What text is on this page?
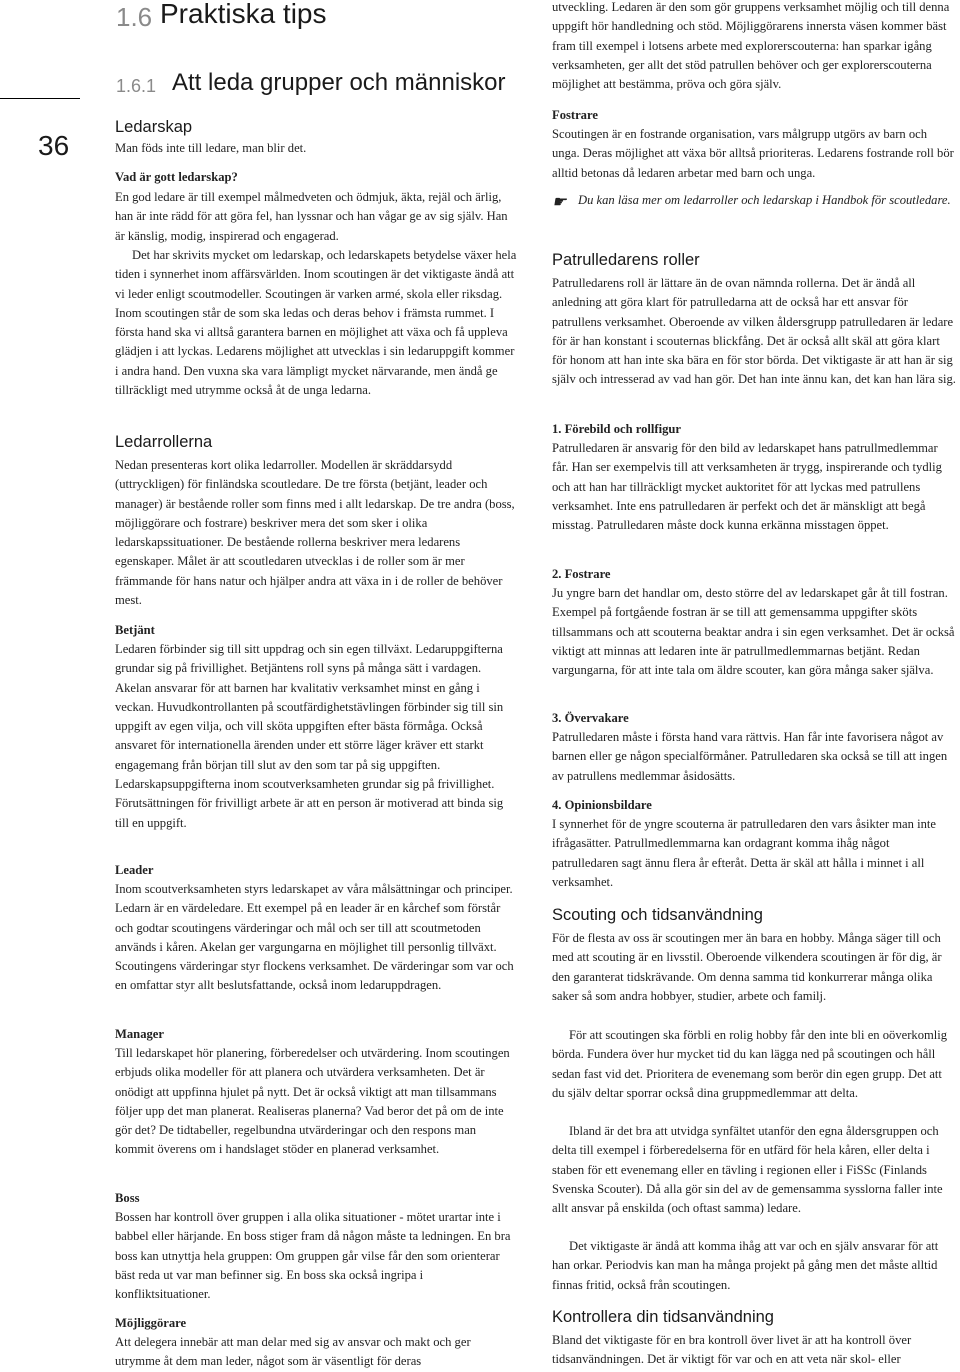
1.6 Praktiska tips
1.6.1 Att leda grupper och människor
36
Ledarskap

Man föds inte till ledare, man blir det.

Vad är gott ledarskap?

En god ledare är till exempel målmedveten och ödmjuk, äkta, rejäl och ärlig, han är inte rädd för att göra fel, han lyssnar och han vågar ge av sig själv. Han är känslig, modig, inspirerad och engagerad.

Det har skrivits mycket om ledarskap, och ledarskapets betydelse växer hela tiden i synnerhet inom affärsvärlden. Inom scoutingen är det viktigaste ändå att vi leder enligt scoutmodeller. Scoutingen är varken armé, skola eller riksdag. Inom scoutingen står de som ska ledas och deras behov i främsta rummet. I första hand ska vi alltså garantera barnen en möjlighet att växa och få uppleva glädjen i att lyckas. Ledarens möjlighet att utvecklas i sin ledaruppgift kommer i andra hand. Den vuxna ska vara lämpligt mycket närvarande, men ändå ge tillräckligt med utrymme också åt de unga ledarna.

Ledarrollerna

Nedan presenteras kort olika ledarroller. Modellen är skräddarsydd (uttryckligen) för finländska scoutledare. De tre första (betjänt, leader och manager) är bestående roller som finns med i allt ledarskap. De tre andra (boss, möjliggörare och fostrare) beskriver mera det som sker i olika ledarskapssituationer. De bestående rollerna beskriver mera ledarens egenskaper. Målet är att scoutledaren utvecklas i de roller som är mer främmande för hans natur och hjälper andra att växa in i de roller de behöver mest.

Betjänt

Ledaren förbinder sig till sitt uppdrag och sin egen tillväxt. Ledaruppgifterna grundar sig på frivillighet. Betjäntens roll syns på många sätt i vardagen. Akelan ansvarar för att barnen har kvalitativ verksamhet minst en gång i veckan. Huvudkontrollanten på scoutfärdighetstävlingen förbinder sig till sin uppgift av egen vilja, och vill sköta uppgiften efter bästa förmåga. Också ansvaret för internationella ärenden under ett större läger kräver ett starkt engagemang från början till slut av den som tar på sig uppgiften. Ledarskapsuppgifterna inom scoutverksamheten grundar sig på frivillighet. Förutsättningen för frivilligt arbete är att en person är motiverad att binda sig till en uppgift.

Leader

Inom scoutverksamheten styrs ledarskapet av våra målsättningar och principer. Ledarn är en värdeledare. Ett exempel på en leader är en kårchef som förstår och godtar scoutingens värderingar och mål och ser till att scoutmetoden används i kåren. Akelan ger vargungarna en möjlighet till personlig tillväxt. Scoutingens värderingar styr flockens verksamhet. De värderingar som var och en omfattar styr allt beslutsfattande, också inom ledaruppdragen.

Manager

Till ledarskapet hör planering, förberedelser och utvärdering. Inom scoutingen erbjuds olika modeller för att planera och utvärdera verksamheten. Det är onödigt att uppfinna hjulet på nytt. Det är också viktigt att man tillsammans följer upp det man planerat. Realiseras planerna? Vad beror det på om de inte gör det? De tidtabeller, regelbundna utvärderingar och den respons man kommit överens om i handslaget stöder en planerad verksamhet.

Boss

Bossen har kontroll över gruppen i alla olika situationer - mötet urartar inte i babbel eller härjande. En boss stiger fram då någon måste ta ledningen. En bra boss kan utnyttja hela gruppen: Om gruppen går vilse får den som orienterar bäst reda ut var man befinner sig. En boss ska också ingripa i konfliktsituationer.

Möjliggörare

Att delegera innebär att man delar med sig av ansvar och makt och ger utrymme åt dem man leder, något som är väsentligt för deras

utveckling. Ledaren är den som gör gruppens verksamhet möjlig och till denna uppgift hör handledning och stöd. Möjliggörarens innersta väsen kommer bäst fram till exempel i lotsens arbete med explorerscouterna: han sparkar igång verksamheten, ger allt det stöd patrullen behöver och ger explorerscouterna möjlighet att bestämma, pröva och göra själv.

Fostrare

Scoutingen är en fostrande organisation, vars målgrupp utgörs av barn och unga. Deras möjlighet att växa bör alltså prioriteras. Ledarens fostrande roll bör alltid betonas då ledaren arbetar med barn och unga.

☛ Du kan läsa mer om ledarroller och ledarskap i Handbok för scoutledare.
Patrulledarens roller

Patrulledarens roll är lättare än de ovan nämnda rollerna. Det är ändå all anledning att göra klart för patrulledarna att de också har ett ansvar för patrullens verksamhet. Oberoende av vilken åldersgrupp patrulledaren är ledare för är han konstant i scouternas blickfång. Det är också allt skäl att göra klart för honom att han inte ska bära en för stor börda. Det viktigaste är att han är sig själv och intresserad av vad han gör. Det han inte ännu kan, det kan han lära sig.

1. Förebild och rollfigur

Patrulledaren är ansvarig för den bild av ledarskapet hans patrullmedlemmar får. Han ser exempelvis till att verksamheten är trygg, inspirerande och tydlig och att han har tillräckligt mycket auktoritet för att lyckas med patrullens verksamhet. Inte ens patrulledaren är perfekt och det är mänskligt att begå misstag. Patrulledaren måste dock kunna erkänna misstagen öppet.

2. Fostrare

Ju yngre barn det handlar om, desto större del av ledarskapet går åt till fostran. Exempel på fortgående fostran är se till att gemensamma uppgifter sköts tillsammans och att scouterna beaktar andra i sin egen verksamhet. Det är också viktigt att minnas att ledaren inte är patrullmedlemmarnas betjänt. Redan vargungarna, för att inte tala om äldre scouter, kan göra många saker själva.

3. Övervakare

Patrulledaren måste i första hand vara rättvis. Han får inte favorisera något av barnen eller ge någon specialförmåner. Patrulledaren ska också se till att ingen av patrullens medlemmar åsidosätts.

4. Opinionsbildare

I synnerhet för de yngre scouterna är patrulledaren den vars åsikter man inte ifrågasätter. Patrullmedlemmarna kan ordagrant komma ihåg något patrulledaren sagt ännu flera år efteråt. Detta är skäl att hålla i minnet i all verksamhet.

Scouting och tidsanvändning

För de flesta av oss är scoutingen mer än bara en hobby. Många säger till och med att scouting är en livsstil. Oberoende vilkendera scoutingen är för dig, är den garanterat tidskrävande. Om denna samma tid konkurrerar många olika saker så som andra hobbyer, studier, arbete och familj.

För att scoutingen ska förbli en rolig hobby får den inte bli en oöverkomlig börda. Fundera över hur mycket tid du kan lägga ned på scoutingen och håll sedan fast vid det. Prioritera de evenemang som berör din egen grupp. Det att du själv deltar sporrar också dina gruppmedlemmar att delta.

Ibland är det bra att utvidga synfältet utanför den egna åldersgruppen och delta till exempel i förberedelserna för en utfärd för hela kåren, eller delta i staben för ett evenemang eller en tävling i regionen eller i FiSSc (Finlands Svenska Scouter). Då alla gör sin del av de gemensamma sysslorna faller inte allt ansvar på enskilda (och oftast samma) ledare.

Det viktigaste är ändå att komma ihåg att var och en själv ansvarar för att han orkar. Periodvis kan man ha många projekt på gång men det måste alltid finnas fritid, också från scoutingen.

Kontrollera din tidsanvändning

Bland det viktigaste för en bra kontroll över livet är att ha kontroll över tidsanvändningen. Det är viktigt för var och en att veta när skol- eller
